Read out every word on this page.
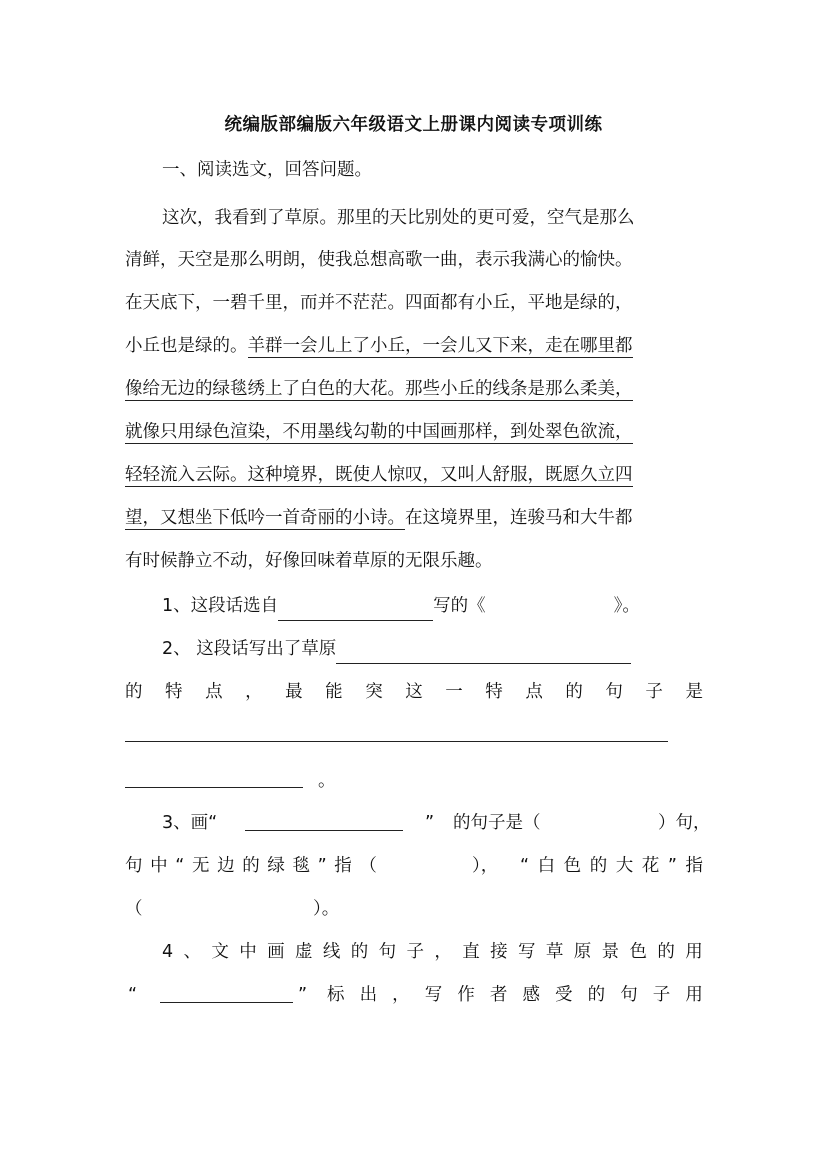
统编版部编版六年级语文上册课内阅读专项训练
一、阅读选文，回答问题。
这次，我看到了草原。那里的天比别处的更可爱，空气是那么
清鲜，天空是那么明朗，使我总想高歌一曲，表示我满心的愉快。
在天底下，一碧千里，而并不茫茫。四面都有小丘，平地是绿的，
小丘也是绿的。羊群一会儿上了小丘，一会儿又下来，走在哪里都
像给无边的绿毯绣上了白色的大花。那些小丘的线条是那么柔美，
就像只用绿色渲染，不用墨线勾勒的中国画那样，到处翠色欲流，
轻轻流入云际。这种境界，既使人惊叹，又叫人舒服，既愿久立四
望，又想坐下低吟一首奇丽的小诗。在这境界里，连骏马和大牛都
有时候静立不动，好像回味着草原的无限乐趣。
1、这段话选自	写的《	》。
2、 这段话写出了草原
的 特 点 ， 最 能 突 这 一 特 点 的 句 子 是
。
3、画“	” 的句子是（	）句，
句 中 “ 无 边 的 绿 毯 ” 指 （	）， “ 白 色 的 大 花 ” 指
（	）。
4 、 文 中 画 虚 线 的 句 子 ， 直 接 写 草 原 景 色 的 用
“	” 标 出 ， 写 作 者 感 受 的 句 子 用
